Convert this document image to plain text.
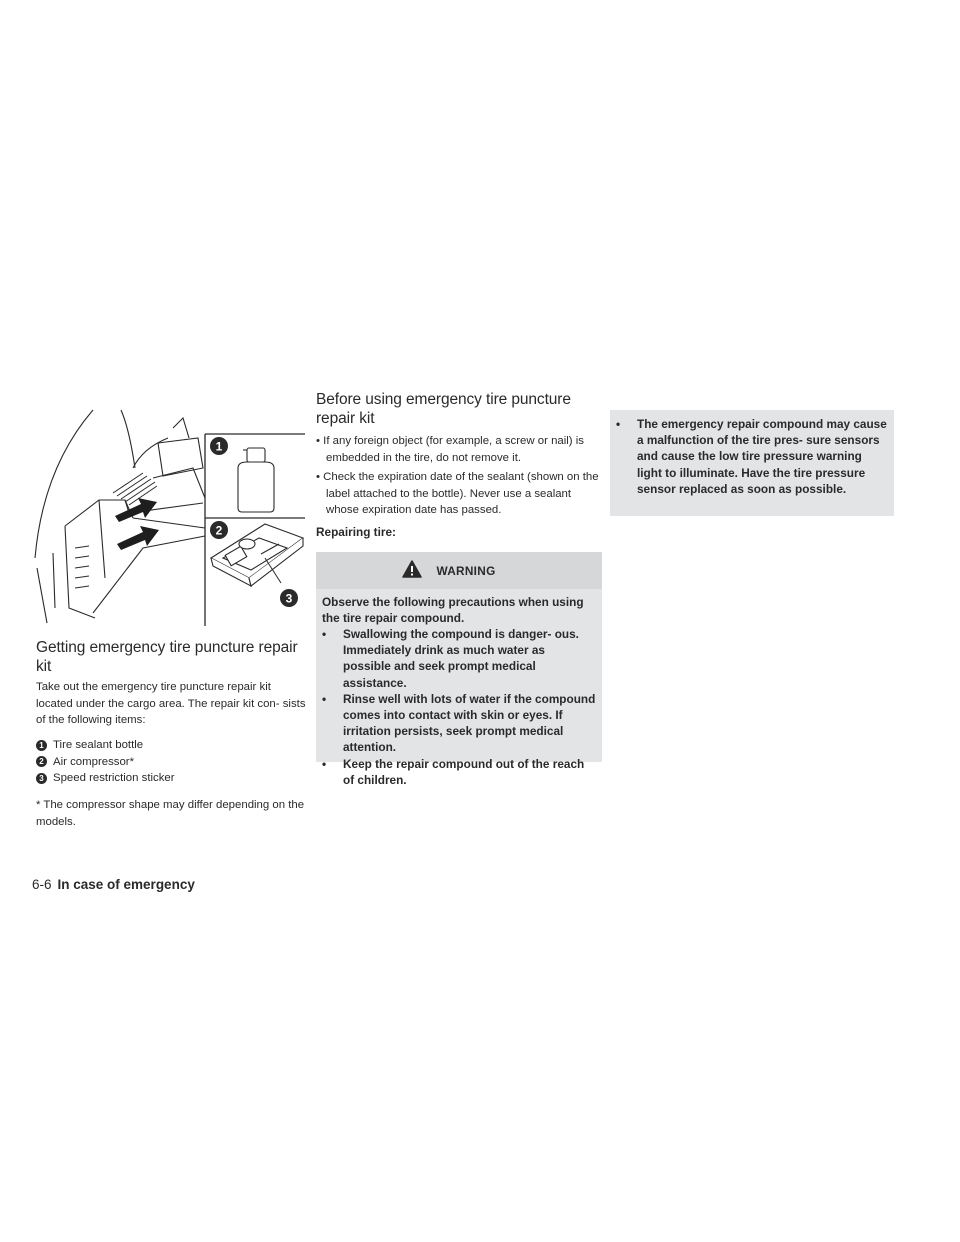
1
2
3
Getting emergency tire puncture repair kit

Take out the emergency tire puncture repair kit located under the cargo area. The repair kit con- sists of the following items:

1 Tire sealant bottle
2 Air compressor*
3 Speed restriction sticker

* The compressor shape may differ depending on the models.

Before using emergency tire puncture repair kit
• If any foreign object (for example, a screw or nail) is embedded in the tire, do not remove it.
• Check the expiration date of the sealant (shown on the label attached to the bottle). Never use a sealant whose expiration date has passed.
Repairing tire:
WARNING
Observe the following precautions when using the tire repair compound.
• Swallowing the compound is danger- ous. Immediately drink as much water as possible and seek prompt medical assistance.
• Rinse well with lots of water if the compound comes into contact with skin or eyes. If irritation persists, seek prompt medical attention.
• Keep the repair compound out of the reach of children.
• The emergency repair compound may cause a malfunction of the tire pres- sure sensors and cause the low tire pressure warning light to illuminate. Have the tire pressure sensor replaced as soon as possible.
6-6 In case of emergency
